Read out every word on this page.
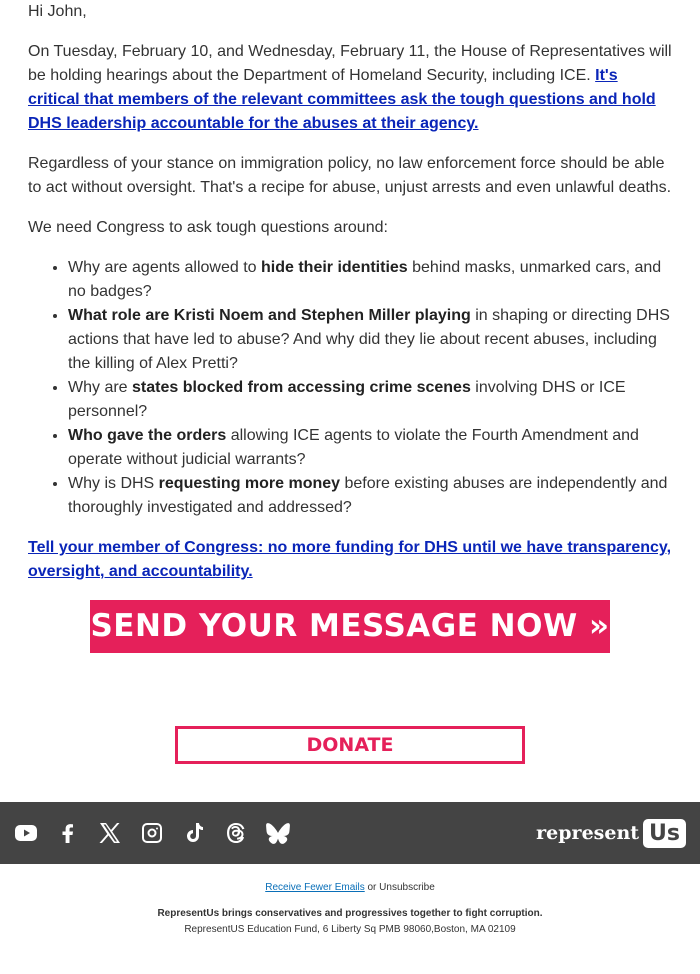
Hi John,

On Tuesday, February 10, and Wednesday, February 11, the House of Representatives will be holding hearings about the Department of Homeland Security, including ICE. It's critical that members of the relevant committees ask the tough questions and hold DHS leadership accountable for the abuses at their agency.

Regardless of your stance on immigration policy, no law enforcement force should be able to act without oversight. That's a recipe for abuse, unjust arrests and even unlawful deaths.

We need Congress to ask tough questions around:

• Why are agents allowed to hide their identities behind masks, unmarked cars, and no badges?
• What role are Kristi Noem and Stephen Miller playing in shaping or directing DHS actions that have led to abuse? And why did they lie about recent abuses, including the killing of Alex Pretti?
• Why are states blocked from accessing crime scenes involving DHS or ICE personnel?
• Who gave the orders allowing ICE agents to violate the Fourth Amendment and operate without judicial warrants?
• Why is DHS requesting more money before existing abuses are independently and thoroughly investigated and addressed?

Tell your member of Congress: no more funding for DHS until we have transparency, oversight, and accountability.

SEND YOUR MESSAGE NOW »
DONATE
represent Us
Receive Fewer Emails or Unsubscribe
RepresentUs brings conservatives and progressives together to fight corruption.
RepresentUS Education Fund, 6 Liberty Sq PMB 98060,Boston, MA 02109
